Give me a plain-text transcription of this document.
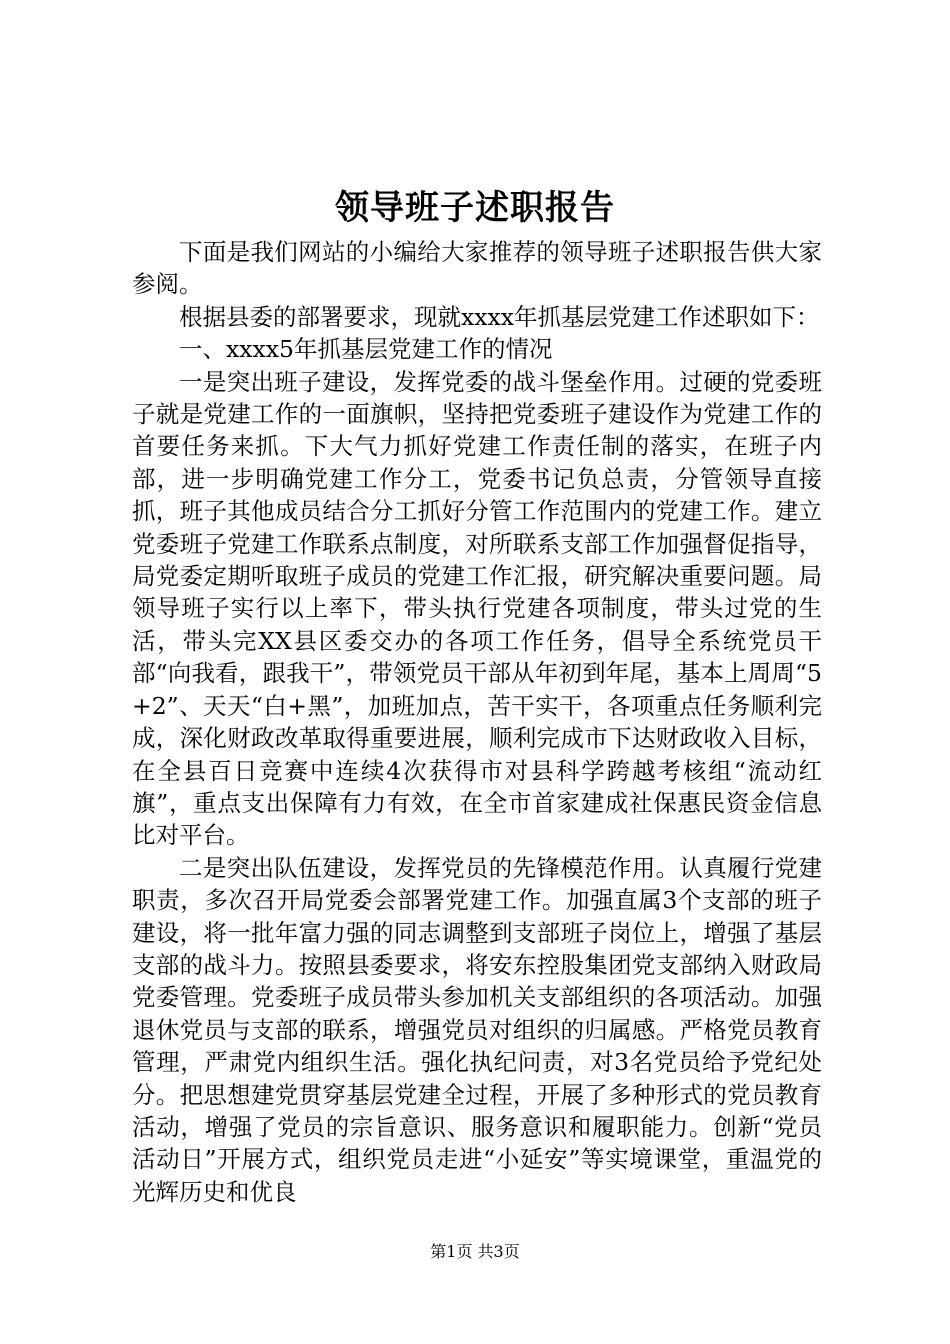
领导班子述职报告

下面是我们网站的小编给大家推荐的领导班子述职报告供大家参阅。

根据县委的部署要求，现就xxxx年抓基层党建工作述职如下：

一、xxxx5年抓基层党建工作的情况

一是突出班子建设，发挥党委的战斗堡垒作用。过硬的党委班子就是党建工作的一面旗帜，坚持把党委班子建设作为党建工作的首要任务来抓。下大气力抓好党建工作责任制的落实，在班子内部，进一步明确党建工作分工，党委书记负总责，分管领导直接抓，班子其他成员结合分工抓好分管工作范围内的党建工作。建立党委班子党建工作联系点制度，对所联系支部工作加强督促指导，局党委定期听取班子成员的党建工作汇报，研究解决重要问题。局领导班子实行以上率下，带头执行党建各项制度，带头过党的生活，带头完XX县区委交办的各项工作任务，倡导全系统党员干部“向我看，跟我干”，带领党员干部从年初到年尾，基本上周周“5+2”、天天“白+黑”，加班加点，苦干实干，各项重点任务顺利完成，深化财政改革取得重要进展，顺利完成市下达财政收入目标，在全县百日竞赛中连续4次获得市对县科学跨越考核组“流动红旗”，重点支出保障有力有效，在全市首家建成社保惠民资金信息比对平台。

二是突出队伍建设，发挥党员的先锋模范作用。认真履行党建职责，多次召开局党委会部署党建工作。加强直属3个支部的班子建设，将一批年富力强的同志调整到支部班子岗位上，增强了基层支部的战斗力。按照县委要求，将安东控股集团党支部纳入财政局党委管理。党委班子成员带头参加机关支部组织的各项活动。加强退休党员与支部的联系，增强党员对组织的归属感。严格党员教育管理，严肃党内组织生活。强化执纪问责，对3名党员给予党纪处分。把思想建党贯穿基层党建全过程，开展了多种形式的党员教育活动，增强了党员的宗旨意识、服务意识和履职能力。创新“党员活动日”开展方式，组织党员走进“小延安”等实境课堂，重温党的光辉历史和优良

第1页 共3页
